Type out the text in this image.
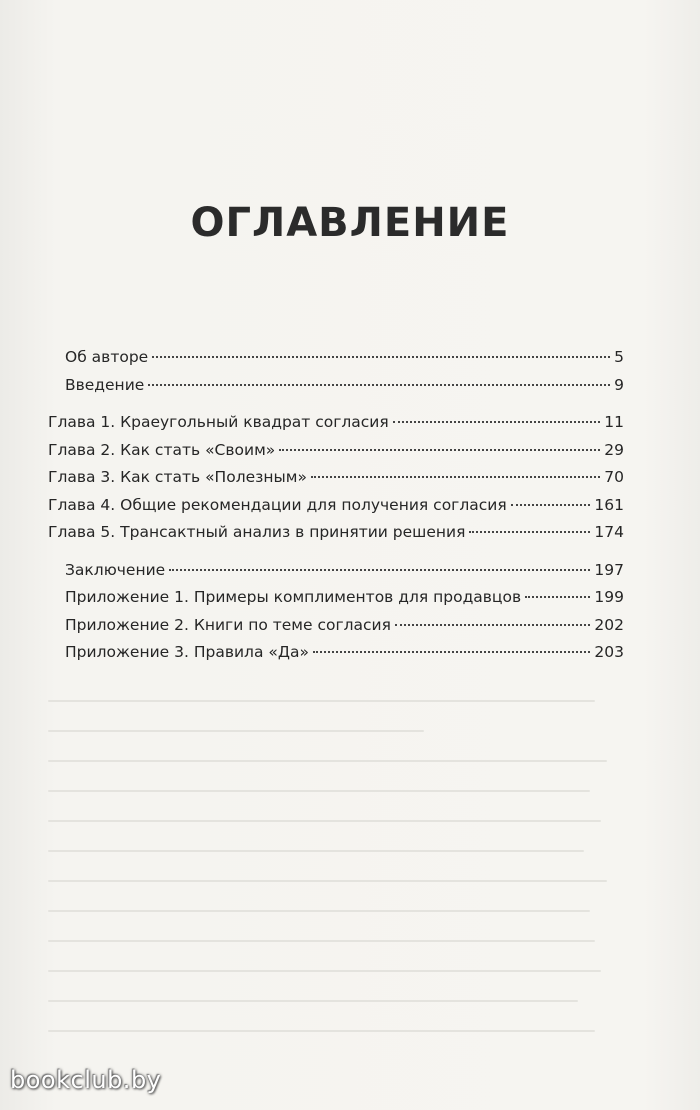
ОГЛАВЛЕНИЕ
Об авторе	5
Введение	9
Глава 1. Краеугольный квадрат согласия	11
Глава 2. Как стать «Своим»	29
Глава 3. Как стать «Полезным»	70
Глава 4. Общие рекомендации для получения согласия	161
Глава 5. Трансактный анализ в принятии решения	174
Заключение	197
Приложение 1. Примеры комплиментов для продавцов	199
Приложение 2. Книги по теме согласия	202
Приложение 3. Правила «Да»	203
bookclub.by
